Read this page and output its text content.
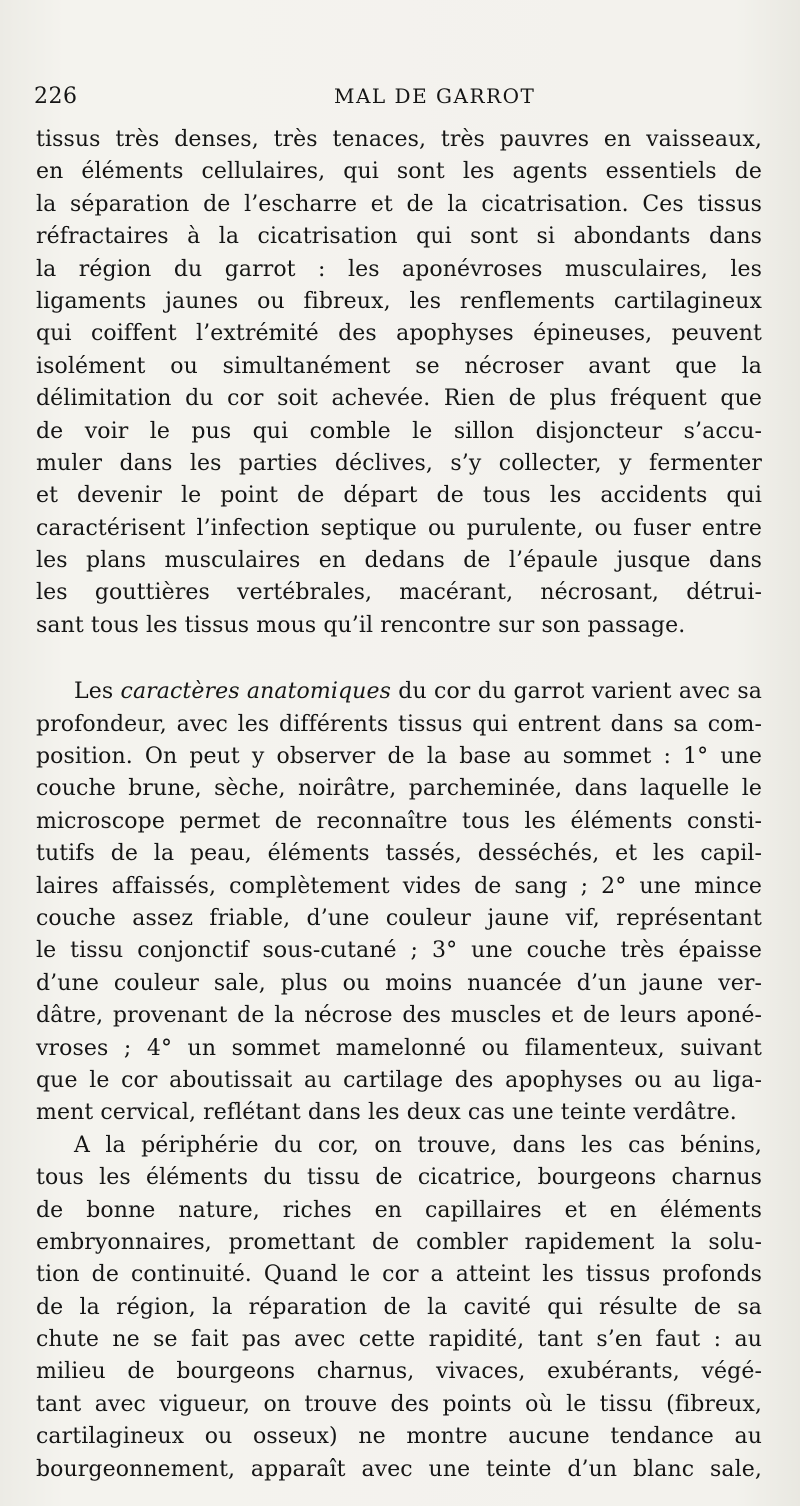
226	MAL DE GARROT
tissus très denses, très tenaces, très pauvres en vaisseaux,
en éléments cellulaires, qui sont les agents essentiels de
la séparation de l’escharre et de la cicatrisation. Ces tissus
réfractaires à la cicatrisation qui sont si abondants dans
la région du garrot : les aponévroses musculaires, les
ligaments jaunes ou fibreux, les renflements cartilagineux
qui coiffent l’extrémité des apophyses épineuses, peuvent
isolément ou simultanément se nécroser avant que la
délimitation du cor soit achevée. Rien de plus fréquent que
de voir le pus qui comble le sillon disjoncteur s’accu-
muler dans les parties déclives, s’y collecter, y fermenter
et devenir le point de départ de tous les accidents qui
caractérisent l’infection septique ou purulente, ou fuser entre
les plans musculaires en dedans de l’épaule jusque dans
les gouttières vertébrales, macérant, nécrosant, détrui-
sant tous les tissus mous qu’il rencontre sur son passage.
Les caractères anatomiques du cor du garrot varient avec sa
profondeur, avec les différents tissus qui entrent dans sa com-
position. On peut y observer de la base au sommet : 1° une
couche brune, sèche, noirâtre, parcheminée, dans laquelle le
microscope permet de reconnaître tous les éléments consti-
tutifs de la peau, éléments tassés, desséchés, et les capil-
laires affaissés, complètement vides de sang ; 2° une mince
couche assez friable, d’une couleur jaune vif, représentant
le tissu conjonctif sous-cutané ; 3° une couche très épaisse
d’une couleur sale, plus ou moins nuancée d’un jaune ver-
dâtre, provenant de la nécrose des muscles et de leurs aponé-
vroses ; 4° un sommet mamelonné ou filamenteux, suivant
que le cor aboutissait au cartilage des apophyses ou au liga-
ment cervical, reflétant dans les deux cas une teinte verdâtre.
A la périphérie du cor, on trouve, dans les cas bénins,
tous les éléments du tissu de cicatrice, bourgeons charnus
de bonne nature, riches en capillaires et en éléments
embryonnaires, promettant de combler rapidement la solu-
tion de continuité. Quand le cor a atteint les tissus profonds
de la région, la réparation de la cavité qui résulte de sa
chute ne se fait pas avec cette rapidité, tant s’en faut : au
milieu de bourgeons charnus, vivaces, exubérants, végé-
tant avec vigueur, on trouve des points où le tissu (fibreux,
cartilagineux ou osseux) ne montre aucune tendance au
bourgeonnement, apparaît avec une teinte d’un blanc sale,
